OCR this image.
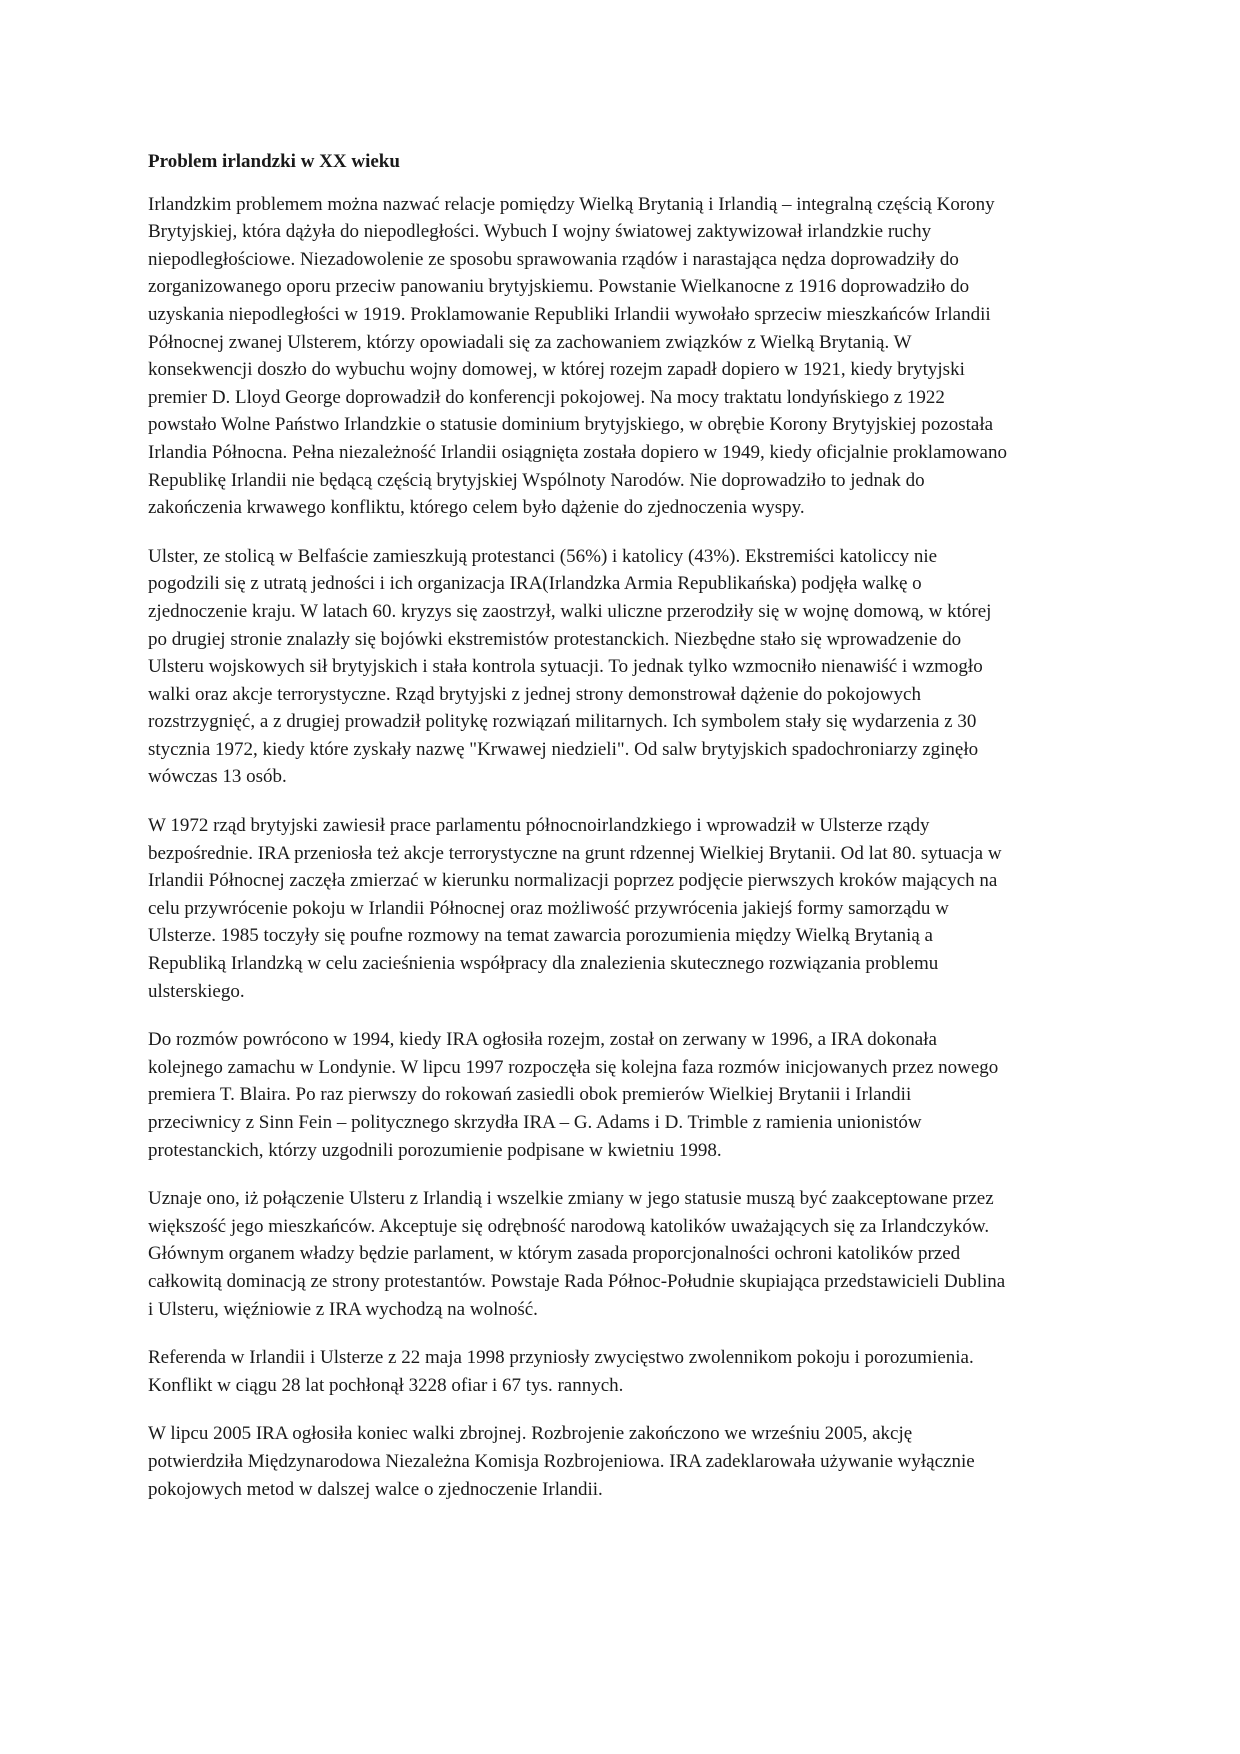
Problem irlandzki w XX wieku
Irlandzkim problemem można nazwać relacje pomiędzy Wielką Brytanią i Irlandią – integralną częścią Korony
Brytyjskiej, która dążyła do niepodległości. Wybuch I wojny światowej zaktywizował irlandzkie ruchy
niepodległościowe. Niezadowolenie ze sposobu sprawowania rządów i narastająca nędza doprowadziły do
zorganizowanego oporu przeciw panowaniu brytyjskiemu. Powstanie Wielkanocne z 1916 doprowadziło do
uzyskania niepodległości w 1919. Proklamowanie Republiki Irlandii wywołało sprzeciw mieszkańców Irlandii
Północnej zwanej Ulsterem, którzy opowiadali się za zachowaniem związków z Wielką Brytanią. W
konsekwencji doszło do wybuchu wojny domowej, w której rozejm zapadł dopiero w 1921, kiedy brytyjski
premier D. Lloyd George doprowadził do konferencji pokojowej. Na mocy traktatu londyńskiego z 1922
powstało Wolne Państwo Irlandzkie o statusie dominium brytyjskiego, w obrębie Korony Brytyjskiej pozostała
Irlandia Północna. Pełna niezależność Irlandii osiągnięta została dopiero w 1949, kiedy oficjalnie proklamowano
Republikę Irlandii nie będącą częścią brytyjskiej Wspólnoty Narodów. Nie doprowadziło to jednak do
zakończenia krwawego konfliktu, którego celem było dążenie do zjednoczenia wyspy.
Ulster, ze stolicą w Belfaście zamieszkują protestanci (56%) i katolicy (43%). Ekstremiści katoliccy nie
pogodzili się z utratą jedności i ich organizacja IRA(Irlandzka Armia Republikańska) podjęła walkę o
zjednoczenie kraju. W latach 60. kryzys się zaostrzył, walki uliczne przerodziły się w wojnę domową, w której
po drugiej stronie znalazły się bojówki ekstremistów protestanckich. Niezbędne stało się wprowadzenie do
Ulsteru wojskowych sił brytyjskich i stała kontrola sytuacji. To jednak tylko wzmocniło nienawiść i wzmogło
walki oraz akcje terrorystyczne. Rząd brytyjski z jednej strony demonstrował dążenie do pokojowych
rozstrzygnięć, a z drugiej prowadził politykę rozwiązań militarnych. Ich symbolem stały się wydarzenia z 30
stycznia 1972, kiedy które zyskały nazwę "Krwawej niedzieli". Od salw brytyjskich spadochroniarzy zginęło
wówczas 13 osób.
W 1972 rząd brytyjski zawiesił prace parlamentu północnoirlandzkiego i wprowadził w Ulsterze rządy
bezpośrednie. IRA przeniosła też akcje terrorystyczne na grunt rdzennej Wielkiej Brytanii. Od lat 80. sytuacja w
Irlandii Północnej zaczęła zmierzać w kierunku normalizacji poprzez podjęcie pierwszych kroków mających na
celu przywrócenie pokoju w Irlandii Północnej oraz możliwość przywrócenia jakiejś formy samorządu w
Ulsterze. 1985 toczyły się poufne rozmowy na temat zawarcia porozumienia między Wielką Brytanią a
Republiką Irlandzką w celu zacieśnienia współpracy dla znalezienia skutecznego rozwiązania problemu
ulsterskiego.
Do rozmów powrócono w 1994, kiedy IRA ogłosiła rozejm, został on zerwany w 1996, a IRA dokonała
kolejnego zamachu w Londynie. W lipcu 1997 rozpoczęła się kolejna faza rozmów inicjowanych przez nowego
premiera T. Blaira. Po raz pierwszy do rokowań zasiedli obok premierów Wielkiej Brytanii i Irlandii
przeciwnicy z Sinn Fein – politycznego skrzydła IRA – G. Adams i D. Trimble z ramienia unionistów
protestanckich, którzy uzgodnili porozumienie podpisane w kwietniu 1998.
Uznaje ono, iż połączenie Ulsteru z Irlandią i wszelkie zmiany w jego statusie muszą być zaakceptowane przez
większość jego mieszkańców. Akceptuje się odrębność narodową katolików uważających się za Irlandczyków.
Głównym organem władzy będzie parlament, w którym zasada proporcjonalności ochroni katolików przed
całkowitą dominacją ze strony protestantów. Powstaje Rada Północ-Południe skupiająca przedstawicieli Dublina
i Ulsteru, więźniowie z IRA wychodzą na wolność.
Referenda w Irlandii i Ulsterze z 22 maja 1998 przyniosły zwycięstwo zwolennikom pokoju i porozumienia.
Konflikt w ciągu 28 lat pochłonął 3228 ofiar i 67 tys. rannych.
W lipcu 2005 IRA ogłosiła koniec walki zbrojnej. Rozbrojenie zakończono we wrześniu 2005, akcję
potwierdziła Międzynarodowa Niezależna Komisja Rozbrojeniowa. IRA zadeklarowała używanie wyłącznie
pokojowych metod w dalszej walce o zjednoczenie Irlandii.
